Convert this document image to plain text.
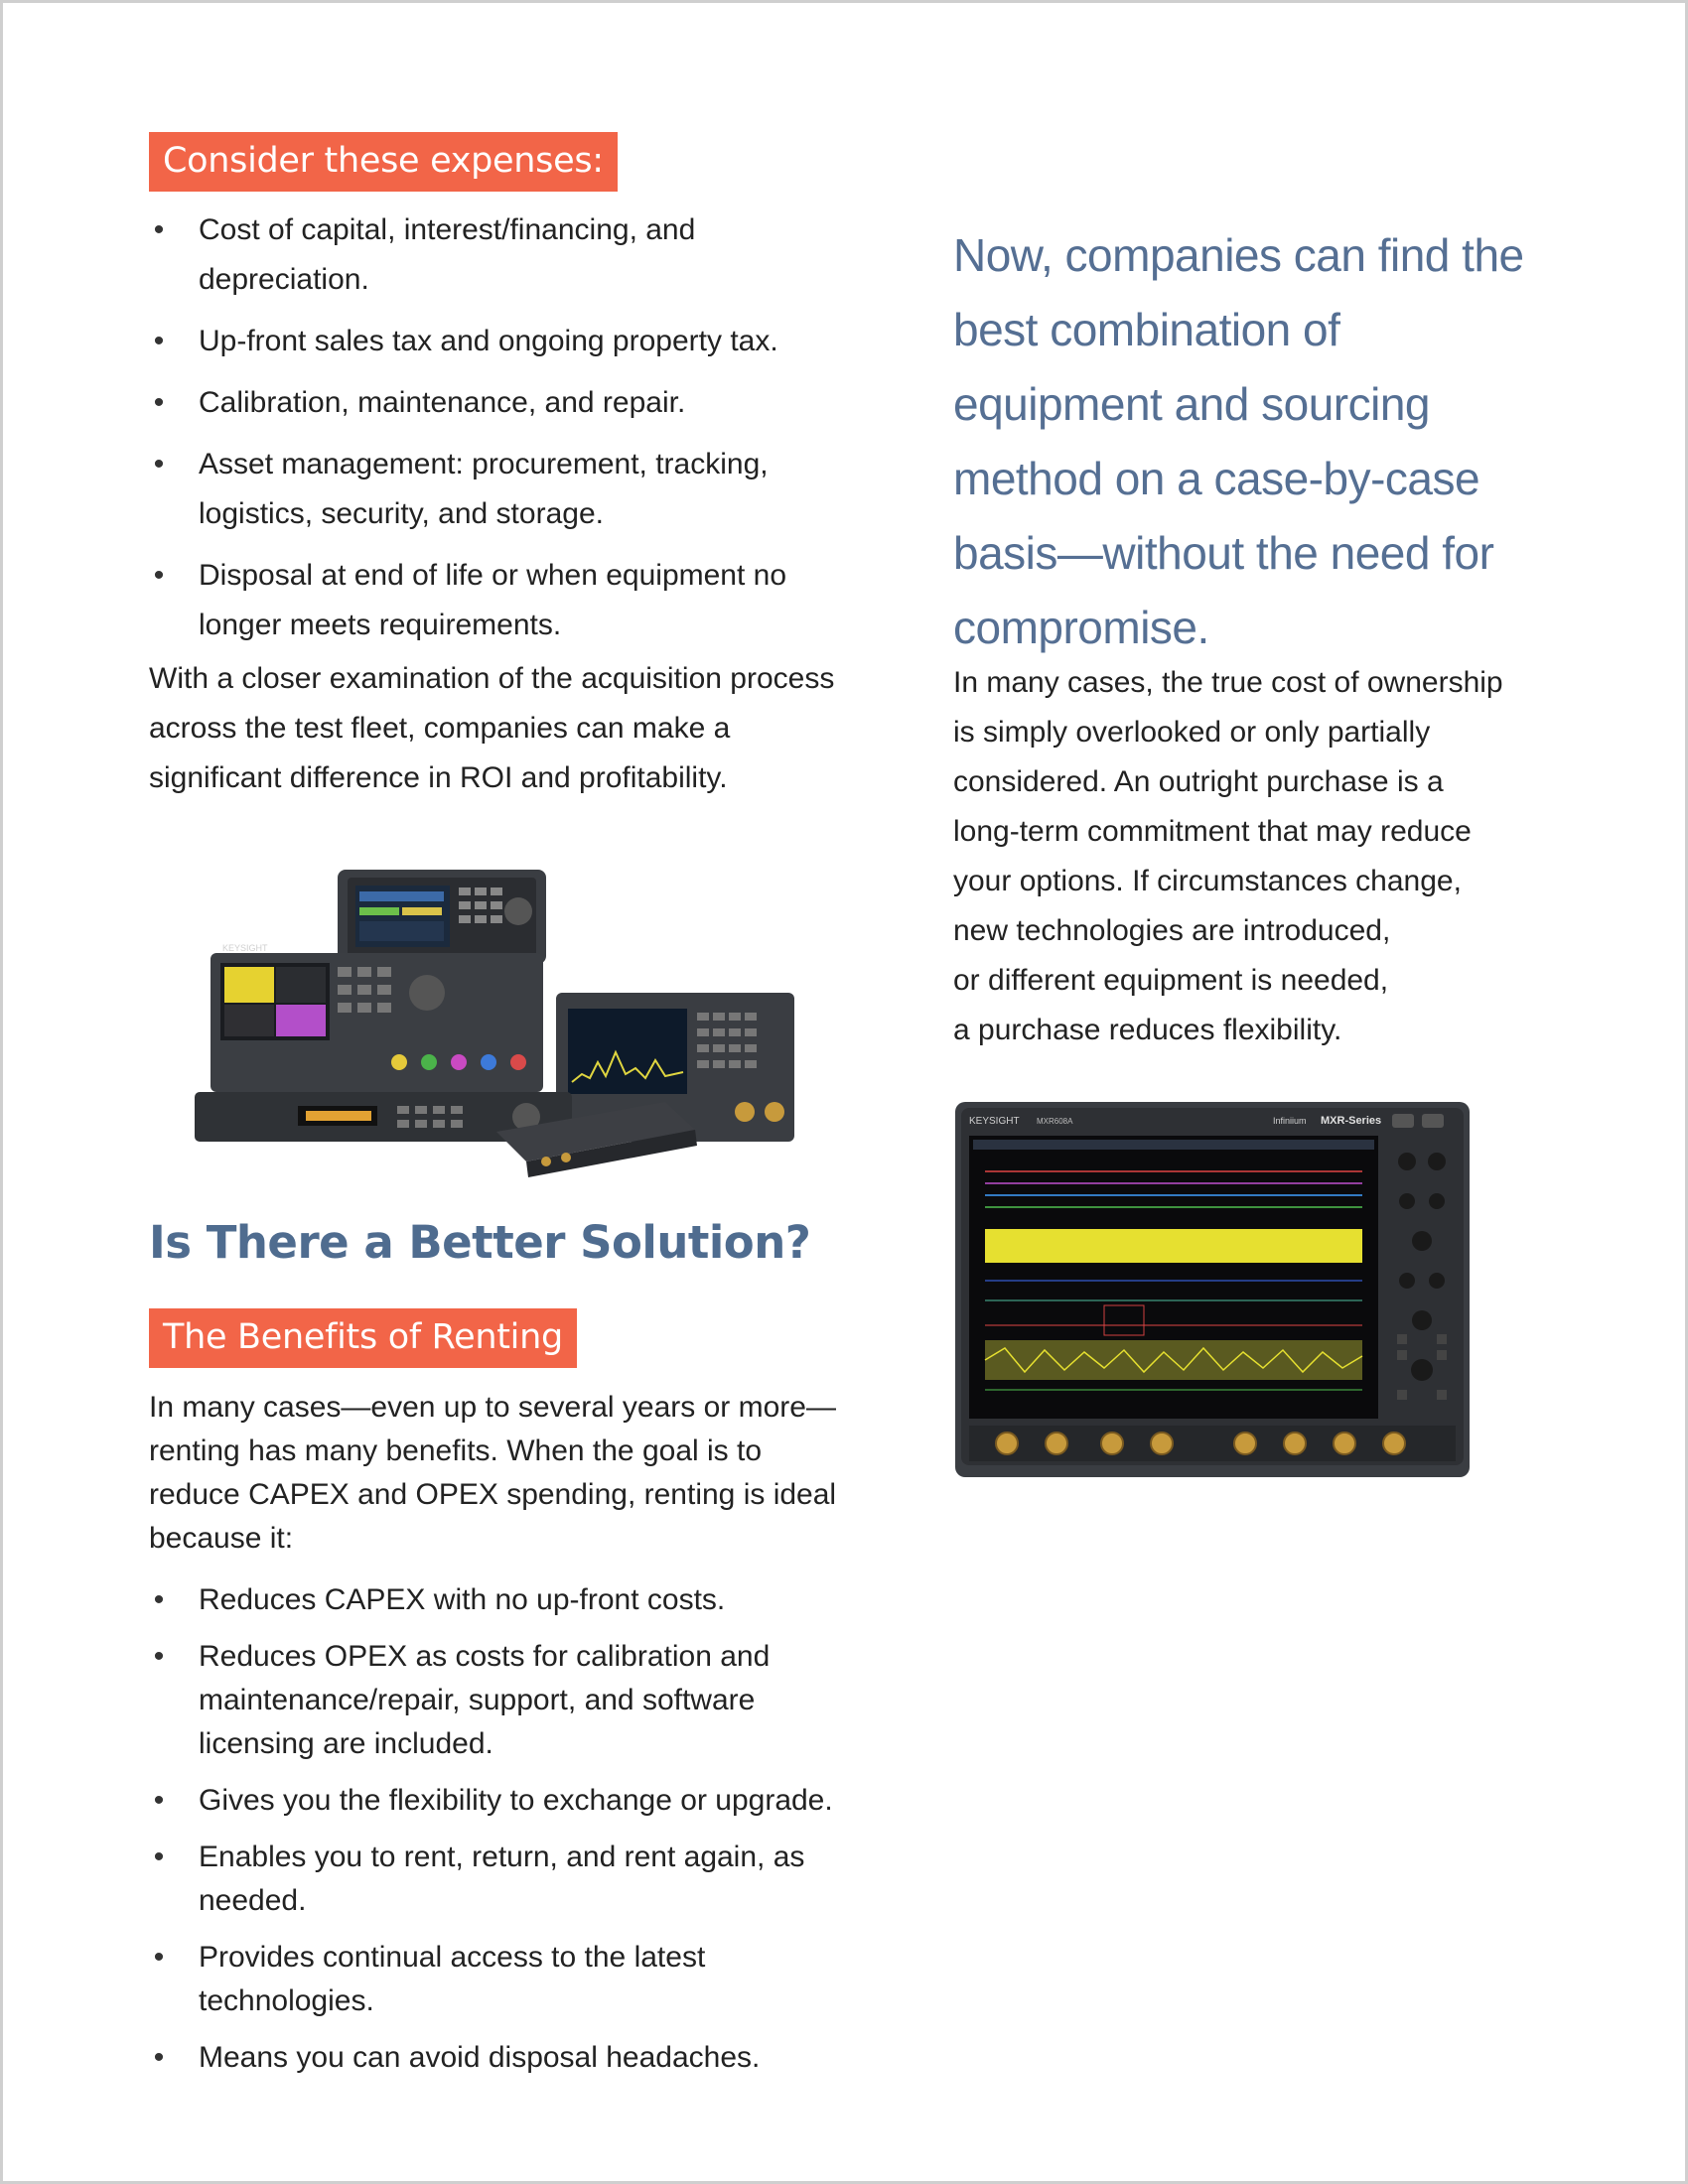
Consider these expenses:
• Cost of capital, interest/financing, and depreciation.
• Up-front sales tax and ongoing property tax.
• Calibration, maintenance, and repair.
• Asset management: procurement, tracking, logistics, security, and storage.
• Disposal at end of life or when equipment no longer meets requirements.

With a closer examination of the acquisition process across the test fleet, companies can make a significant difference in ROI and profitability.

KEYSIGHT
Is There a Better Solution?
The Benefits of Renting

In many cases—even up to several years or more—renting has many benefits. When the goal is to reduce CAPEX and OPEX spending, renting is ideal because it:

• Reduces CAPEX with no up-front costs.
• Reduces OPEX as costs for calibration and maintenance/repair, support, and software licensing are included.
• Gives you the flexibility to exchange or upgrade.
• Enables you to rent, return, and rent again, as needed.
• Provides continual access to the latest technologies.
• Means you can avoid disposal headaches.

Now, companies can find the best combination of equipment and sourcing method on a case-by-case basis—without the need for compromise.

In many cases, the true cost of ownership
is simply overlooked or only partially
considered. An outright purchase is a
long-term commitment that may reduce
your options. If circumstances change,
new technologies are introduced,
or different equipment is needed,
a purchase reduces flexibility.

KEYSIGHT MXR608A	Infiniium MXR-Series
